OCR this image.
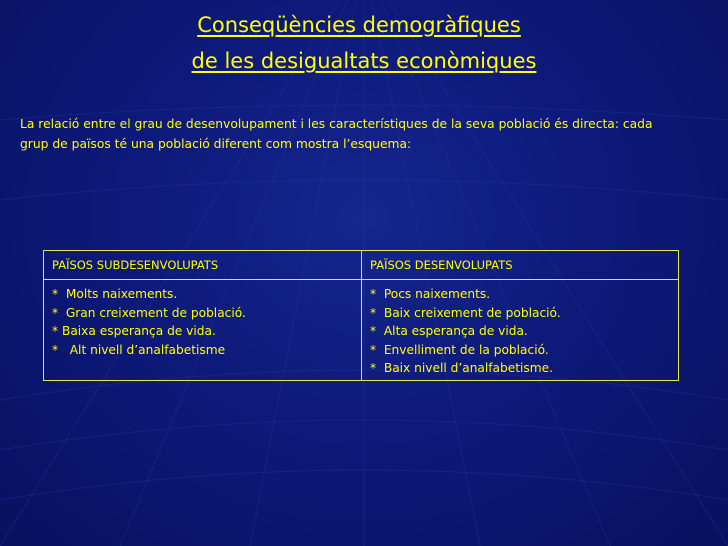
Conseqüències demogràfiques
de les desigualtats econòmiques
La relació entre el grau de desenvolupament i les característiques de la seva població és directa: cada
grup de països té una població diferent com mostra l’esquema:
PAÏSOS SUBDESENVOLUPATS	PAÏSOS DESENVOLUPATS
*  Molts naixements.
*  Gran creixement de població.
* Baixa esperança de vida.
*   Alt nivell d’analfabetisme
*  Pocs naixements.
*  Baix creixement de població.
*  Alta esperança de vida.
*  Envelliment de la població.
*  Baix nivell d’analfabetisme.
